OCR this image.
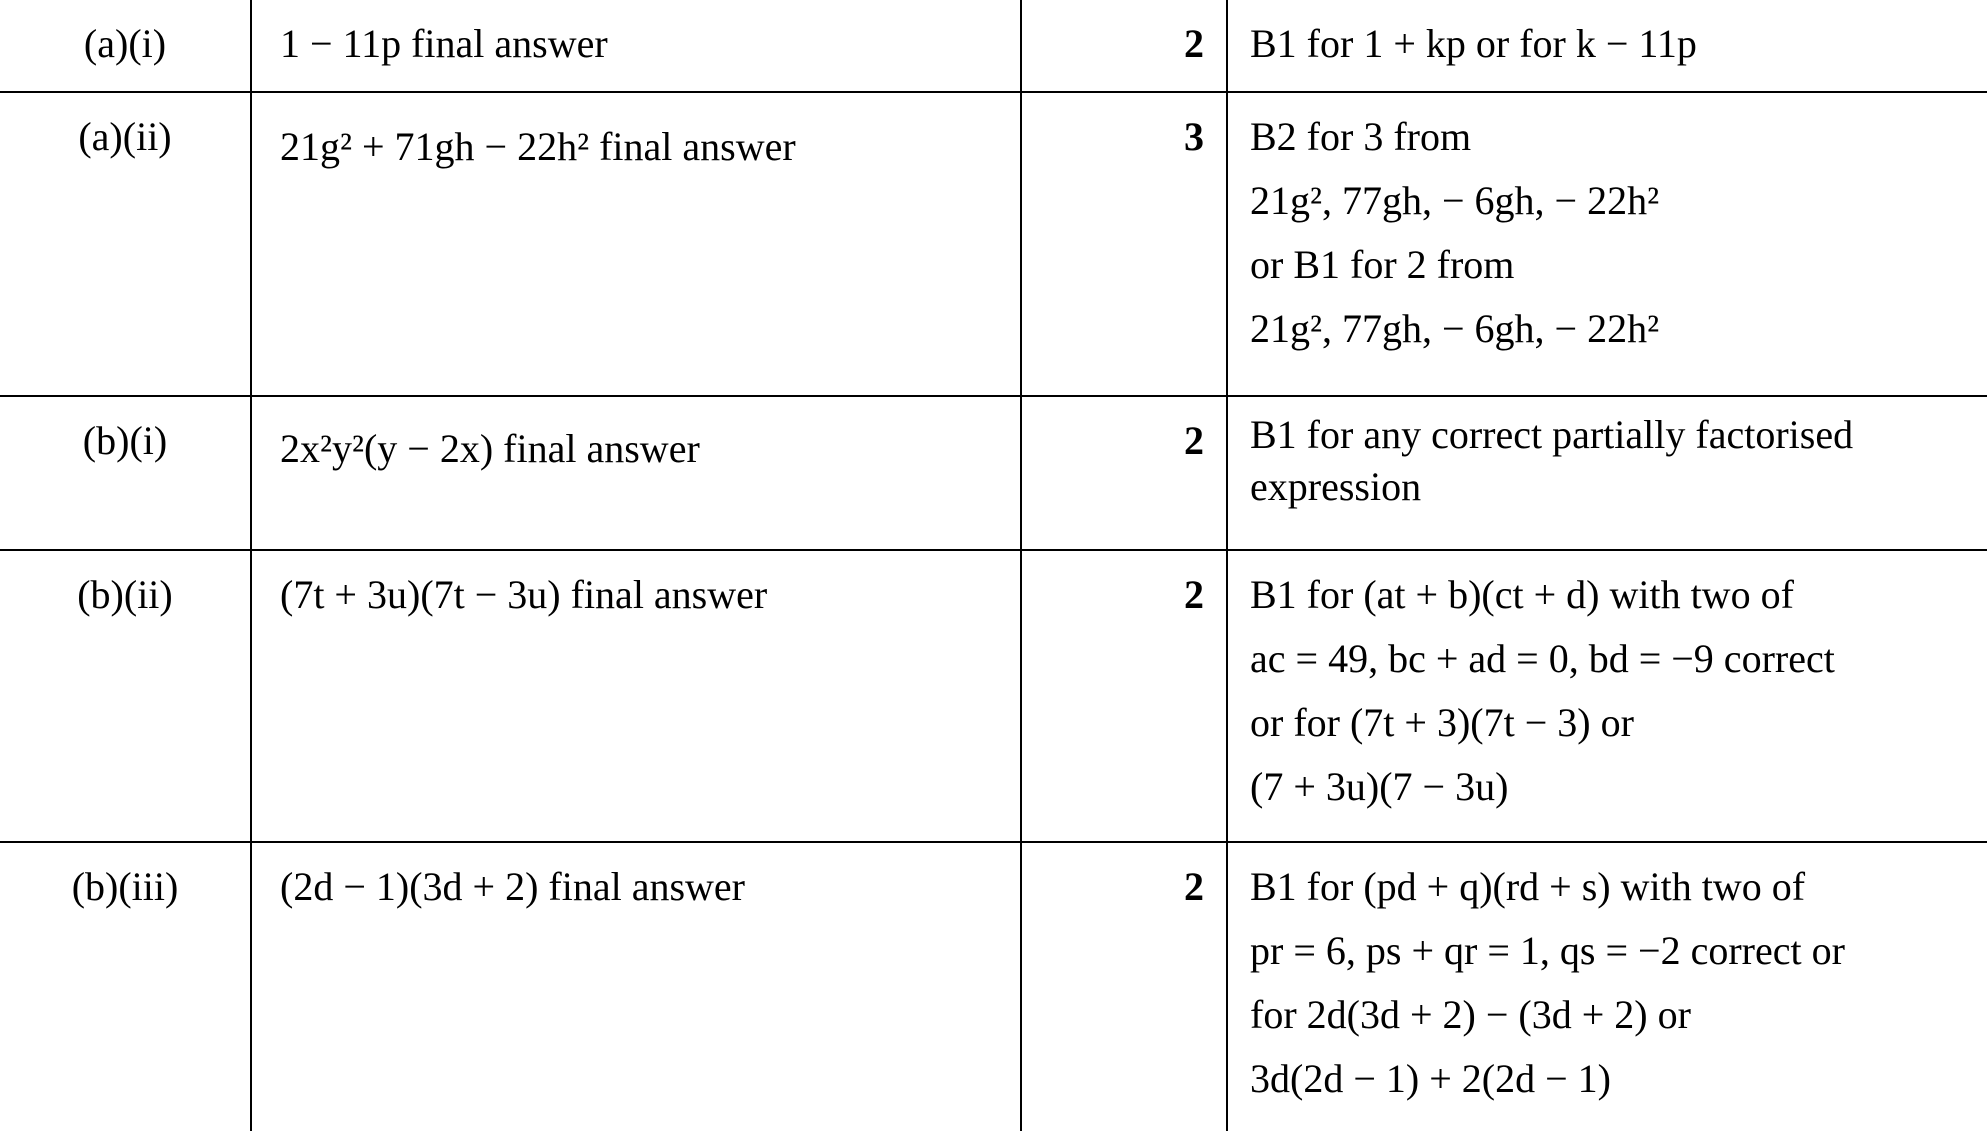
(a)(i)	1 − 11p final answer	2 B1 for 1 + kp or for k − 11p
(a)(ii)	21g² + 71gh − 22h² final answer	3 B2 for 3 from
21g², 77gh, − 6gh, − 22h²
or B1 for 2 from
21g², 77gh, − 6gh, − 22h²
(b)(i)	2x²y²(y − 2x) final answer	2 B1 for any correct partially factorised
expression
(b)(ii)	(7t + 3u)(7t − 3u) final answer	2 B1 for (at + b)(ct + d) with two of
ac = 49, bc + ad = 0, bd = −9 correct
or for (7t + 3)(7t − 3) or
(7 + 3u)(7 − 3u)
(b)(iii)	(2d − 1)(3d + 2) final answer	2 B1 for (pd + q)(rd + s) with two of
pr = 6, ps + qr = 1, qs = −2 correct or
for 2d(3d + 2) − (3d + 2) or
3d(2d − 1) + 2(2d − 1)
